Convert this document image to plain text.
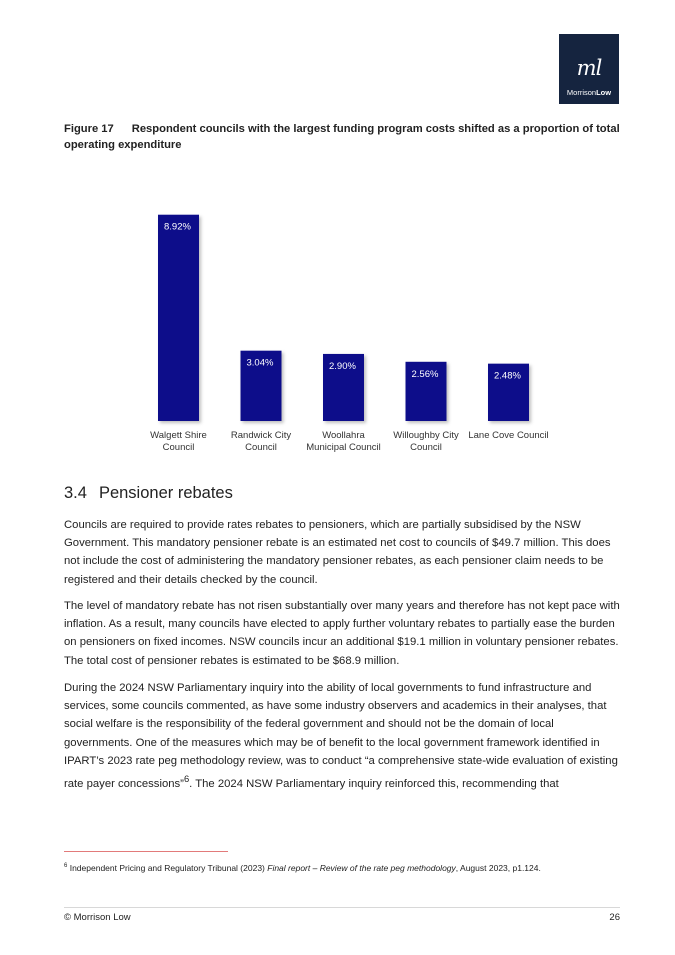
ml
MorrisonLow
Figure 17 Respondent councils with the largest funding program costs shifted as a proportion of total operating expenditure
8.92%
Walgett Shire Council
3.04%
Randwick City Council
2.90%
Woollahra Municipal Council
2.56%
Willoughby City Council
2.48%
Lane Cove Council
3.4 Pensioner rebates

Councils are required to provide rates rebates to pensioners, which are partially subsidised by the NSW Government. This mandatory pensioner rebate is an estimated net cost to councils of $49.7 million. This does not include the cost of administering the mandatory pensioner rebates, as each pensioner claim needs to be registered and their details checked by the council.

The level of mandatory rebate has not risen substantially over many years and therefore has not kept pace with inflation. As a result, many councils have elected to apply further voluntary rebates to partially ease the burden on pensioners on fixed incomes. NSW councils incur an additional $19.1 million in voluntary pensioner rebates. The total cost of pensioner rebates is estimated to be $68.9 million.

During the 2024 NSW Parliamentary inquiry into the ability of local governments to fund infrastructure and services, some councils commented, as have some industry observers and academics in their analyses, that social welfare is the responsibility of the federal government and should not be the domain of local governments. One of the measures which may be of benefit to the local government framework identified in IPART’s 2023 rate peg methodology review, was to conduct “a comprehensive state-wide evaluation of existing rate payer concessions”$^6$. The 2024 NSW Parliamentary inquiry reinforced this, recommending that

$^6$ Independent Pricing and Regulatory Tribunal (2023) Final report – Review of the rate peg methodology, August 2023, p1.124.
© Morrison Low	26
